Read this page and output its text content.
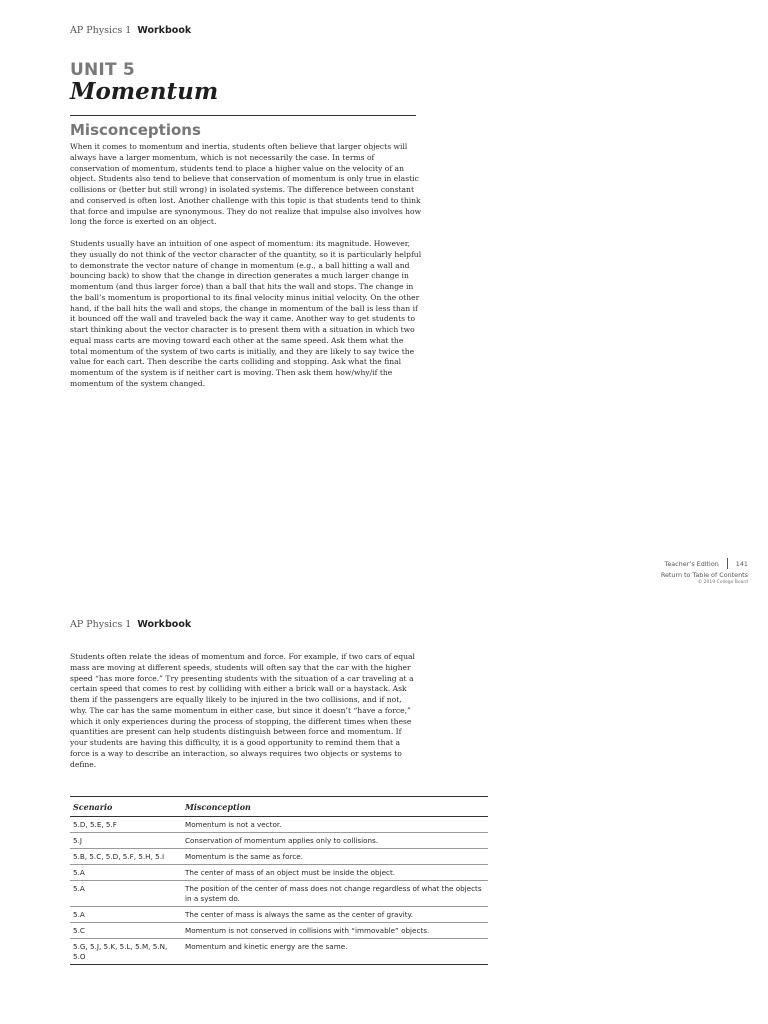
AP Physics 1 Workbook
UNIT 5
Momentum
Misconceptions

When it comes to momentum and inertia, students often believe that larger objects will always have a larger momentum, which is not necessarily the case. In terms of conservation of momentum, students tend to place a higher value on the velocity of an object. Students also tend to believe that conservation of momentum is only true in elastic collisions or (better but still wrong) in isolated systems. The difference between constant and conserved is often lost. Another challenge with this topic is that students tend to think that force and impulse are synonymous. They do not realize that impulse also involves how long the force is exerted on an object.

Students usually have an intuition of one aspect of momentum: its magnitude. However, they usually do not think of the vector character of the quantity, so it is particularly helpful to demonstrate the vector nature of change in momentum (e.g., a ball hitting a wall and bouncing back) to show that the change in direction generates a much larger change in momentum (and thus larger force) than a ball that hits the wall and stops. The change in the ball’s momentum is proportional to its final velocity minus initial velocity. On the other hand, if the ball hits the wall and stops, the change in momentum of the ball is less than if it bounced off the wall and traveled back the way it came. Another way to get students to start thinking about the vector character is to present them with a situation in which two equal mass carts are moving toward each other at the same speed. Ask them what the total momentum of the system of two carts is initially, and they are likely to say twice the value for each cart. Then describe the carts colliding and stopping. Ask what the final momentum of the system is if neither cart is moving. Then ask them how/why/if the momentum of the system changed.

Teacher’s Edition	141
Return to Table of Contents
© 2019 College Board
AP Physics 1 Workbook

Students often relate the ideas of momentum and force. For example, if two cars of equal mass are moving at different speeds, students will often say that the car with the higher speed “has more force.” Try presenting students with the situation of a car traveling at a certain speed that comes to rest by colliding with either a brick wall or a haystack. Ask them if the passengers are equally likely to be injured in the two collisions, and if not, why. The car has the same momentum in either case, but since it doesn’t “have a force,” which it only experiences during the process of stopping, the different times when these quantities are present can help students distinguish between force and momentum. If your students are having this difficulty, it is a good opportunity to remind them that a force is a way to describe an interaction, so always requires two objects or systems to define.

Scenario	Misconception
5.D, 5.E, 5.F	Momentum is not a vector.
5.J	Conservation of momentum applies only to collisions.
5.B, 5.C, 5.D, 5.F, 5.H, 5.I	Momentum is the same as force.
5.A	The center of mass of an object must be inside the object.
5.A	The position of the center of mass does not change regardless of what the objects in a system do.
5.A	The center of mass is always the same as the center of gravity.
5.C	Momentum is not conserved in collisions with “immovable” objects.
5.G, 5.J, 5.K, 5.L, 5.M, 5.N, 5.O	Momentum and kinetic energy are the same.
